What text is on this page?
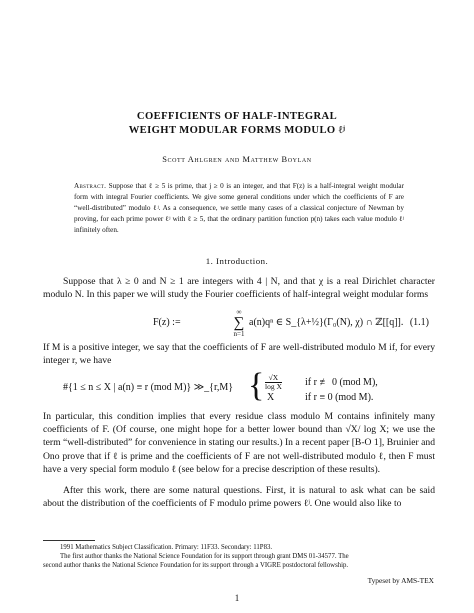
COEFFICIENTS OF HALF-INTEGRAL
WEIGHT MODULAR FORMS MODULO ℓʲ
Scott Ahlgren and Matthew Boylan
Abstract. Suppose that ℓ ≥ 5 is prime, that j ≥ 0 is an integer, and that F(z) is a half-integral weight modular form with integral Fourier coefficients. We give some general conditions under which the coefficients of F are “well-distributed” modulo ℓʲ. As a consequence, we settle many cases of a classical conjecture of Newman by proving, for each prime power ℓʲ with ℓ ≥ 5, that the ordinary partition function p(n) takes each value modulo ℓʲ infinitely often.
1. Introduction.
Suppose that λ ≥ 0 and N ≥ 1 are integers with 4 | N, and that χ is a real Dirichlet character modulo N. In this paper we will study the Fourier coefficients of half-integral weight modular forms
F(z) :=
∞
∑
n=1
a(n)qⁿ ∈ S_{λ+½}(Γ₀(N), χ) ∩ ℤ[[q]]. (1.1)
If M is a positive integer, we say that the coefficients of F are well-distributed modulo M if, for every integer r, we have
#{1 ≤ n ≤ X | a(n) ≡ r (mod M)} ≫_{r,M} { $\frac{√X}{\text{log X}}$ if r ≢ 0 (mod M),
X	if r ≡ 0 (mod M).
In particular, this condition implies that every residue class modulo M contains infinitely many coefficients of F. (Of course, one might hope for a better lower bound than √X/ log X; we use the term “well-distributed” for convenience in stating our results.) In a recent paper [B-O 1], Bruinier and Ono prove that if ℓ is prime and the coefficients of F are not well-distributed modulo ℓ, then F must have a very special form modulo ℓ (see below for a precise description of these results).
After this work, there are some natural questions. First, it is natural to ask what can be said about the distribution of the coefficients of F modulo prime powers ℓʲ. One would also like to
1991 Mathematics Subject Classification. Primary: 11F33. Secondary: 11P83.
The first author thanks the National Science Foundation for its support through grant DMS 01-34577. The
second author thanks the National Science Foundation for its support through a VIGRE postdoctoral fellowship.
Typeset by AMS-TEX
1
